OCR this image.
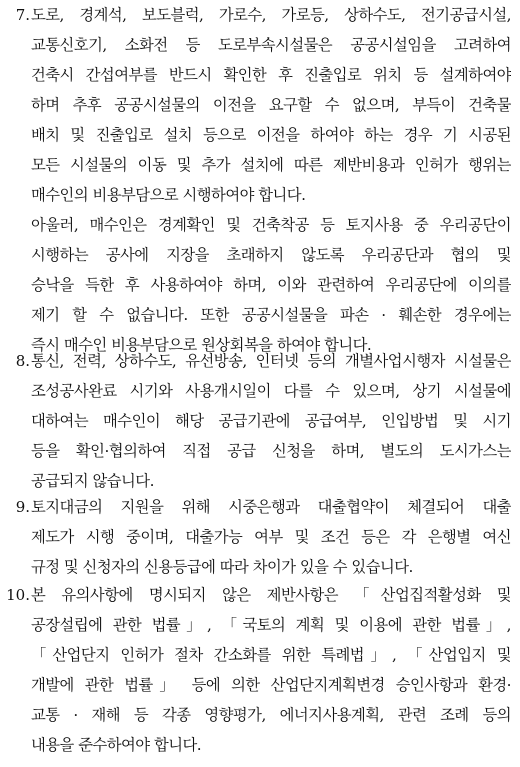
7. 도로, 경계석, 보도블럭, 가로수, 가로등, 상하수도, 전기공급시설,
교통신호기, 소화전 등 도로부속시설물은 공공시설임을 고려하여
건축시 간섭여부를 반드시 확인한 후 진출입로 위치 등 설계하여야
하며 추후 공공시설물의 이전을 요구할 수 없으며, 부득이 건축물
배치 및 진출입로 설치 등으로 이전을 하여야 하는 경우 기 시공된
모든 시설물의 이동 및 추가 설치에 따른 제반비용과 인허가 행위는
매수인의 비용부담으로 시행하여야 합니다.
아울러, 매수인은 경계확인 및 건축착공 등 토지사용 중 우리공단이
시행하는 공사에 지장을 초래하지 않도록 우리공단과 협의 및
승낙을 득한 후 사용하여야 하며, 이와 관련하여 우리공단에 이의를
제기 할 수 없습니다. 또한 공공시설물을 파손 · 훼손한 경우에는
즉시 매수인 비용부담으로 원상회복을 하여야 합니다.
8. 통신, 전력, 상하수도, 유선방송, 인터넷 등의 개별사업시행자 시설물은
조성공사완료 시기와 사용개시일이 다를 수 있으며, 상기 시설물에
대하여는 매수인이 해당 공급기관에 공급여부, 인입방법 및 시기
등을 확인·협의하여 직접 공급 신청을 하며, 별도의 도시가스는
공급되지 않습니다.
9. 토지대금의 지원을 위해 시중은행과 대출협약이 체결되어 대출
제도가 시행 중이며, 대출가능 여부 및 조건 등은 각 은행별 여신
규정 및 신청자의 신용등급에 따라 차이가 있을 수 있습니다.
10. 본 유의사항에 명시되지 않은 제반사항은 「산업집적활성화 및
공장설립에 관한 법률」, 「국토의 계획 및 이용에 관한 법률」,
「산업단지 인허가 절차 간소화를 위한 특례법」, 「산업입지 및
개발에 관한 법률」 등에 의한 산업단지계획변경 승인사항과 환경·
교통 · 재해 등 각종 영향평가, 에너지사용계획, 관련 조례 등의
내용을 준수하여야 합니다.
